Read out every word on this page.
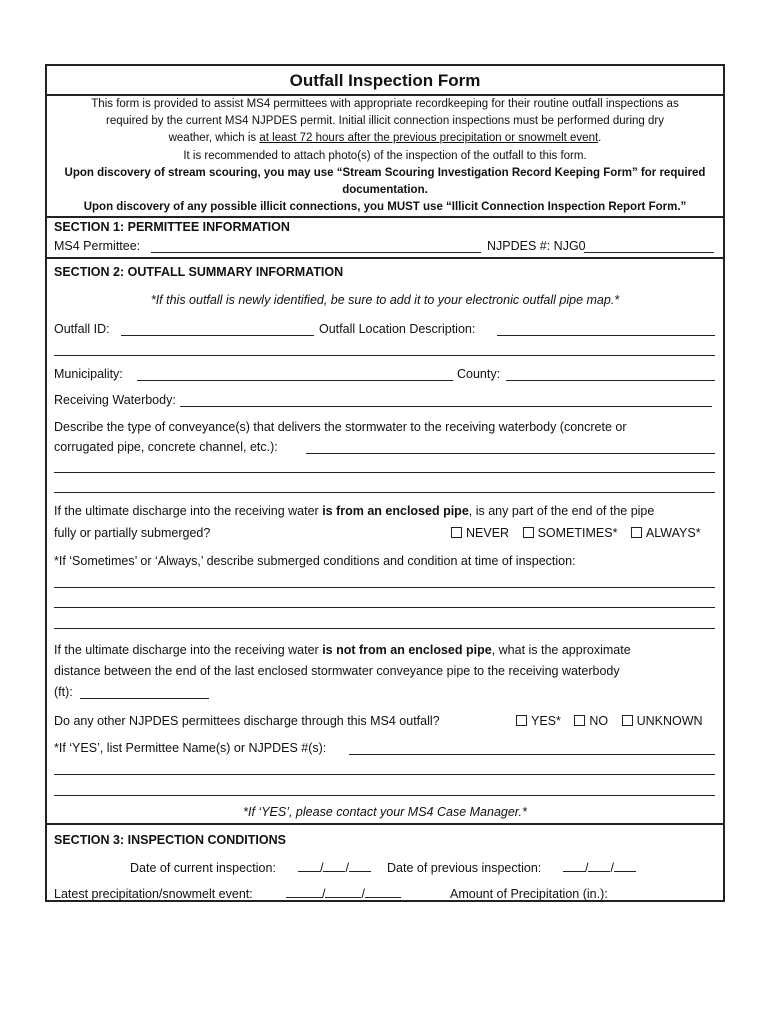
Outfall Inspection Form
This form is provided to assist MS4 permittees with appropriate recordkeeping for their routine outfall inspections as
required by the current MS4 NJPDES permit. Initial illicit connection inspections must be performed during dry
weather, which is at least 72 hours after the previous precipitation or snowmelt event.
It is recommended to attach photo(s) of the inspection of the outfall to this form.
Upon discovery of stream scouring, you may use “Stream Scouring Investigation Record Keeping Form” for required
documentation.
Upon discovery of any possible illicit connections, you MUST use “Illicit Connection Inspection Report Form.”
SECTION 1: PERMITTEE INFORMATION
MS4 Permittee:	NJPDES #: NJG0
SECTION 2: OUTFALL SUMMARY INFORMATION
*If this outfall is newly identified, be sure to add it to your electronic outfall pipe map.*
Outfall ID:	Outfall Location Description:
Municipality:	County:
Receiving Waterbody:
Describe the type of conveyance(s) that delivers the stormwater to the receiving waterbody (concrete or
corrugated pipe, concrete channel, etc.):
If the ultimate discharge into the receiving water is from an enclosed pipe, is any part of the end of the pipe
fully or partially submerged?	NEVER SOMETIMES* ALWAYS*
*If ‘Sometimes’ or ‘Always,’ describe submerged conditions and condition at time of inspection:
If the ultimate discharge into the receiving water is not from an enclosed pipe, what is the approximate
distance between the end of the last enclosed stormwater conveyance pipe to the receiving waterbody
(ft):
Do any other NJPDES permittees discharge through this MS4 outfall?	YES* NO UNKNOWN
*If ‘YES’, list Permittee Name(s) or NJPDES #(s):
*If ‘YES’, please contact your MS4 Case Manager.*
SECTION 3: INSPECTION CONDITIONS
Date of current inspection:	/ /	Date of previous inspection:	/ /
Latest precipitation/snowmelt event:	/	/	Amount of Precipitation (in.):
